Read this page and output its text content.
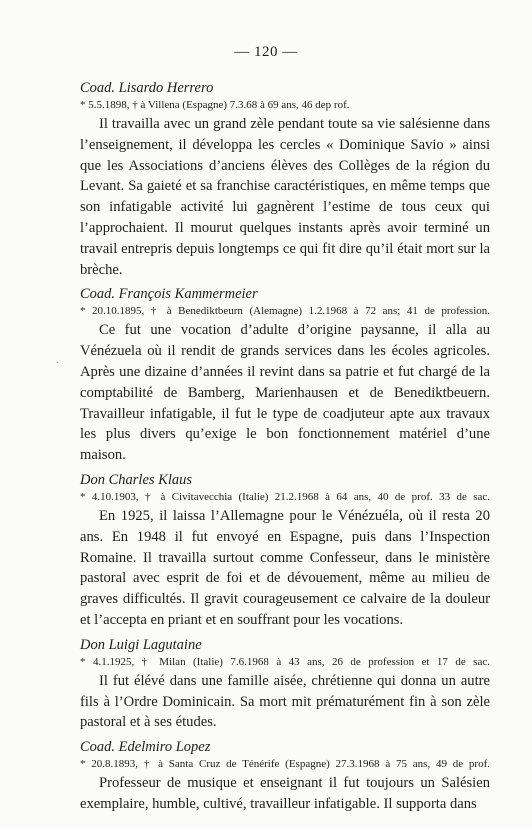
— 120 —
·
Coad. Lisardo Herrero
* 5.5.1898, † à Villena (Espagne) 7.3.68 à 69 ans, 46 dep rof.

Il travailla avec un grand zèle pendant toute sa vie salésienne dans l’enseignement, il développa les cercles « Dominique Savio » ainsi que les Associations d’anciens élèves des Collèges de la région du Levant. Sa gaieté et sa franchise caractéristiques, en même temps que son infatigable activité lui gagnèrent l’estime de tous ceux qui l’approchaient. Il mourut quelques instants après avoir terminé un travail entrepris depuis longtemps ce qui fit dire qu’il était mort sur la brèche.

Coad. François Kammermeier
* 20.10.1895, † à Benediktbeurn (Alemagne) 1.2.1968 à 72 ans; 41 de profession.

Ce fut une vocation d’adulte d’origine paysanne, il alla au Vénézuela où il rendit de grands services dans les écoles agricoles. Après une dizaine d’années il revint dans sa patrie et fut chargé de la comptabilité de Bamberg, Marienhausen et de Benediktbeuern. Travailleur infatigable, il fut le type de coadjuteur apte aux travaux les plus divers qu’exige le bon fonctionnement matériel d’une maison.

Don Charles Klaus
* 4.10.1903, † à Civitavecchia (Italie) 21.2.1968 à 64 ans, 40 de prof. 33 de sac.

En 1925, il laissa l’Allemagne pour le Vénézuéla, où il resta 20 ans. En 1948 il fut envoyé en Espagne, puis dans l’Inspection Romaine. Il travailla surtout comme Confesseur, dans le ministère pastoral avec esprit de foi et de dévouement, même au milieu de graves difficultés. Il gravit courageusement ce calvaire de la douleur et l’accepta en priant et en souffrant pour les vocations.

Don Luigi Lagutaine
* 4.1.1925, † Milan (Italie) 7.6.1968 à 43 ans, 26 de profession et 17 de sac.

Il fut élévé dans une famille aisée, chrétienne qui donna un autre fils à l’Ordre Dominicain. Sa mort mit prématurément fin à son zèle pastoral et à ses études.

Coad. Edelmiro Lopez
* 20.8.1893, † à Santa Cruz de Ténérife (Espagne) 27.3.1968 à 75 ans, 49 de prof.

Professeur de musique et enseignant il fut toujours un Salésien exemplaire, humble, cultivé, travailleur infatigable. Il supporta dans
